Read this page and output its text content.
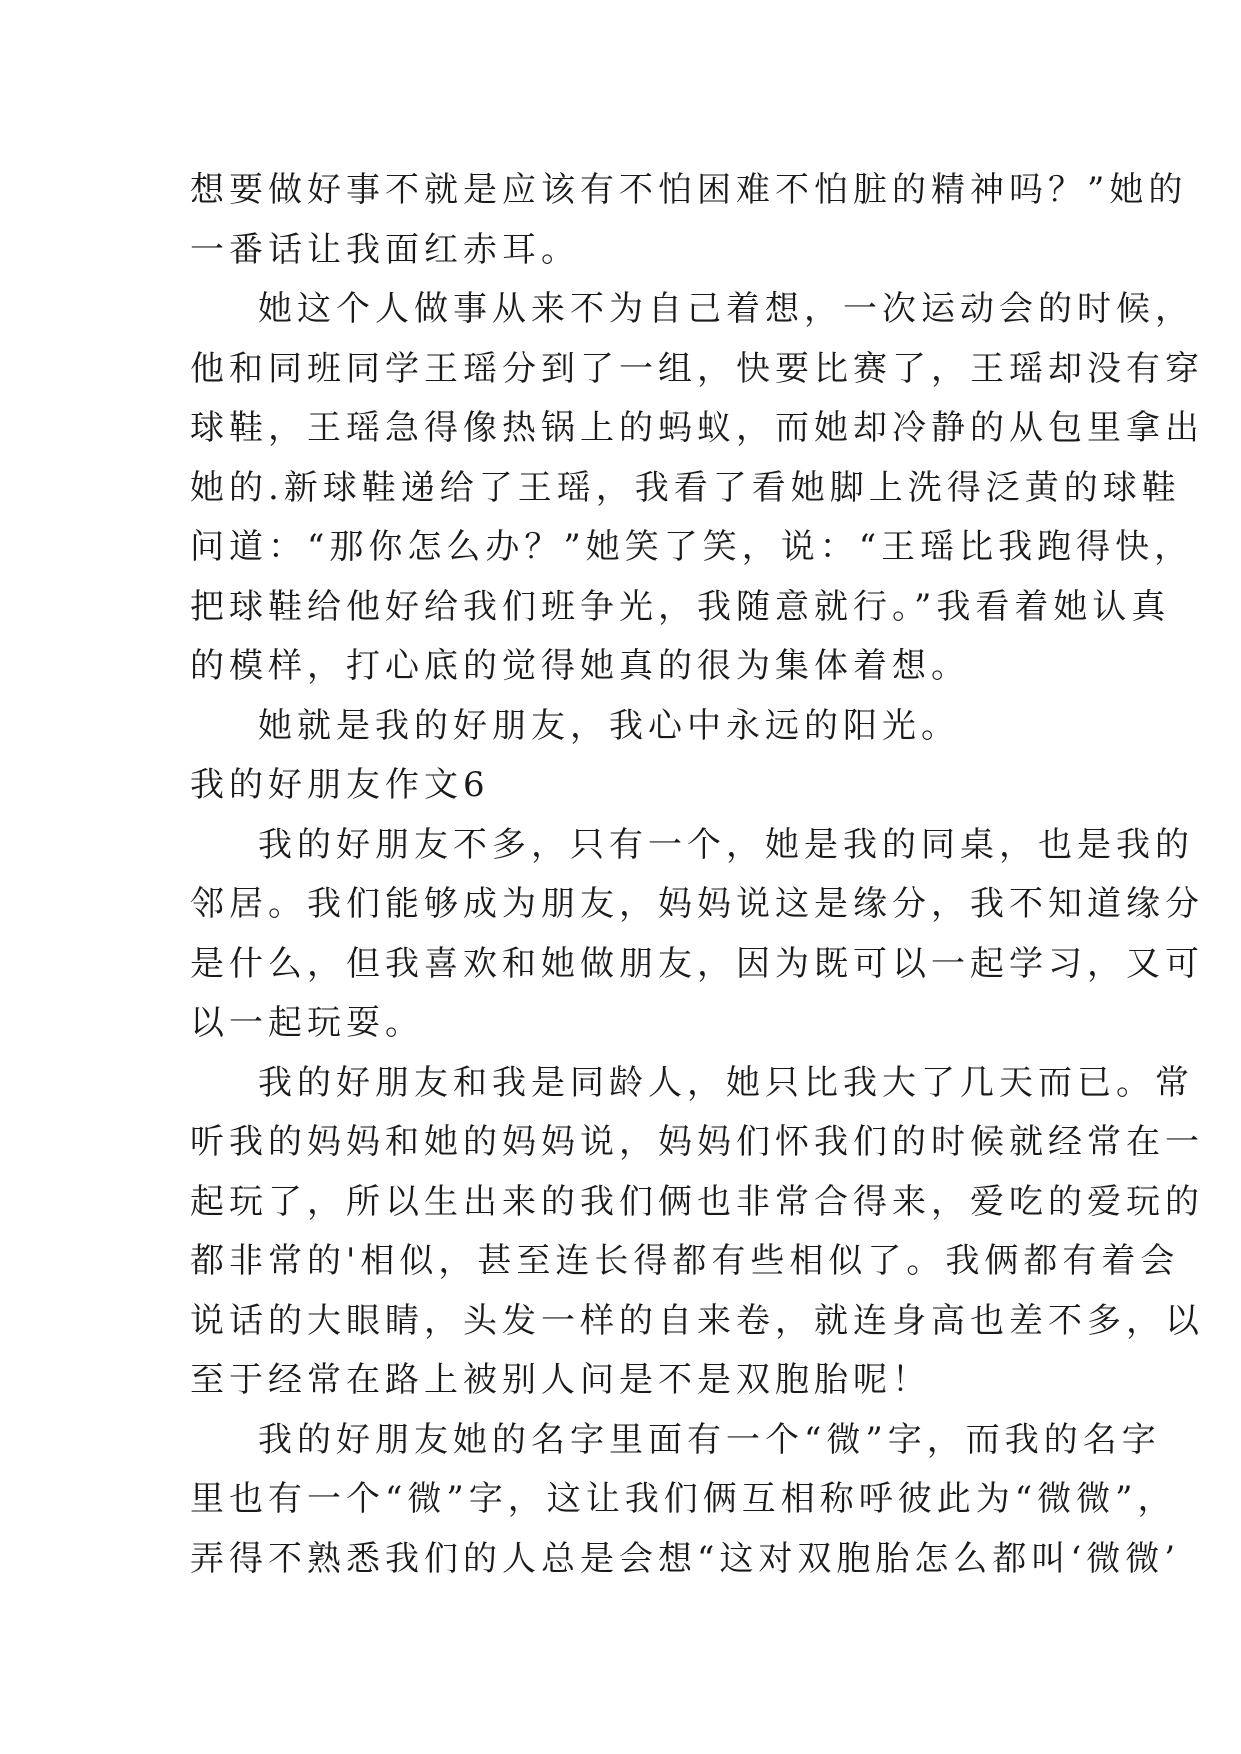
想要做好事不就是应该有不怕困难不怕脏的精神吗？”她的
一番话让我面红赤耳。
她这个人做事从来不为自己着想，一次运动会的时候，
他和同班同学王瑶分到了一组，快要比赛了，王瑶却没有穿
球鞋，王瑶急得像热锅上的蚂蚁，而她却冷静的从包里拿出
她的.新球鞋递给了王瑶，我看了看她脚上洗得泛黄的球鞋
问道：“那你怎么办？”她笑了笑，说：“王瑶比我跑得快，
把球鞋给他好给我们班争光，我随意就行。”我看着她认真
的模样，打心底的觉得她真的很为集体着想。
她就是我的好朋友，我心中永远的阳光。
我的好朋友作文6
我的好朋友不多，只有一个，她是我的同桌，也是我的
邻居。我们能够成为朋友，妈妈说这是缘分，我不知道缘分
是什么，但我喜欢和她做朋友，因为既可以一起学习，又可
以一起玩耍。
我的好朋友和我是同龄人，她只比我大了几天而已。常
听我的妈妈和她的妈妈说，妈妈们怀我们的时候就经常在一
起玩了，所以生出来的我们俩也非常合得来，爱吃的爱玩的
都非常的'相似，甚至连长得都有些相似了。我俩都有着会
说话的大眼睛，头发一样的自来卷，就连身高也差不多，以
至于经常在路上被别人问是不是双胞胎呢！
我的好朋友她的名字里面有一个“微”字，而我的名字
里也有一个“微”字，这让我们俩互相称呼彼此为“微微”，
弄得不熟悉我们的人总是会想“这对双胞胎怎么都叫‘微微’
